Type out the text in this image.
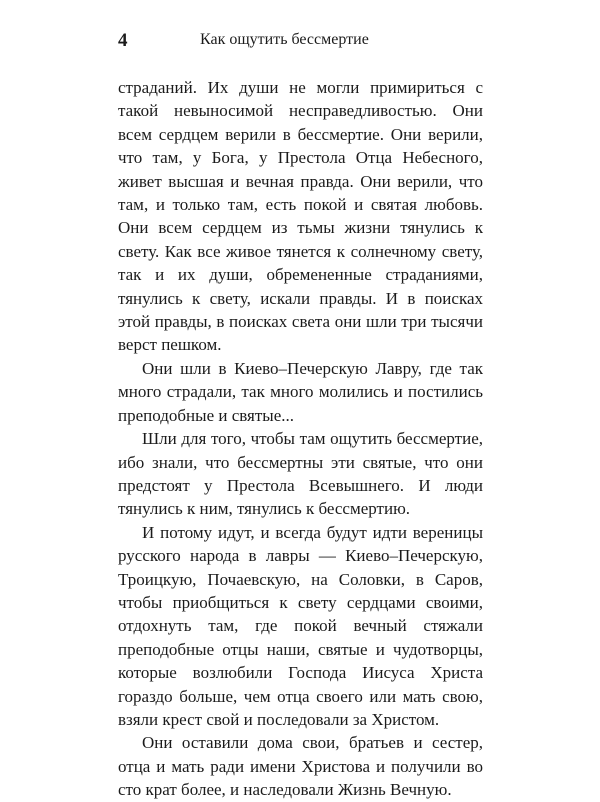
4	Как ощутить бессмертие

страданий. Их души не могли примириться с такой невыносимой несправедливостью. Они всем сердцем верили в бессмертие. Они верили, что там, у Бога, у Престола Отца Небесного, живет высшая и вечная правда. Они верили, что там, и только там, есть покой и святая любовь. Они всем сердцем из тьмы жизни тянулись к свету. Как все живое тянется к солнечному свету, так и их души, обремененные страданиями, тянулись к свету, искали правды. И в поисках этой правды, в поисках света они шли три тысячи верст пешком.

Они шли в Киево–Печерскую Лавру, где так много страдали, так много молились и постились преподобные и святые...

Шли для того, чтобы там ощутить бессмертие, ибо знали, что бессмертны эти святые, что они предстоят у Престола Всевышнего. И люди тянулись к ним, тянулись к бессмертию.

И потому идут, и всегда будут идти вереницы русского народа в лавры — Киево–Печерскую, Троицкую, Почаевскую, на Соловки, в Саров, чтобы приобщиться к свету сердцами своими, отдохнуть там, где покой вечный стяжали преподобные отцы наши, святые и чудотворцы, которые возлюбили Господа Иисуса Христа гораздо больше, чем отца своего или мать свою, взяли крест свой и последовали за Христом.

Они оставили дома свои, братьев и сестер, отца и мать ради имени Христова и получили во сто крат более, и наследовали Жизнь Вечную.
